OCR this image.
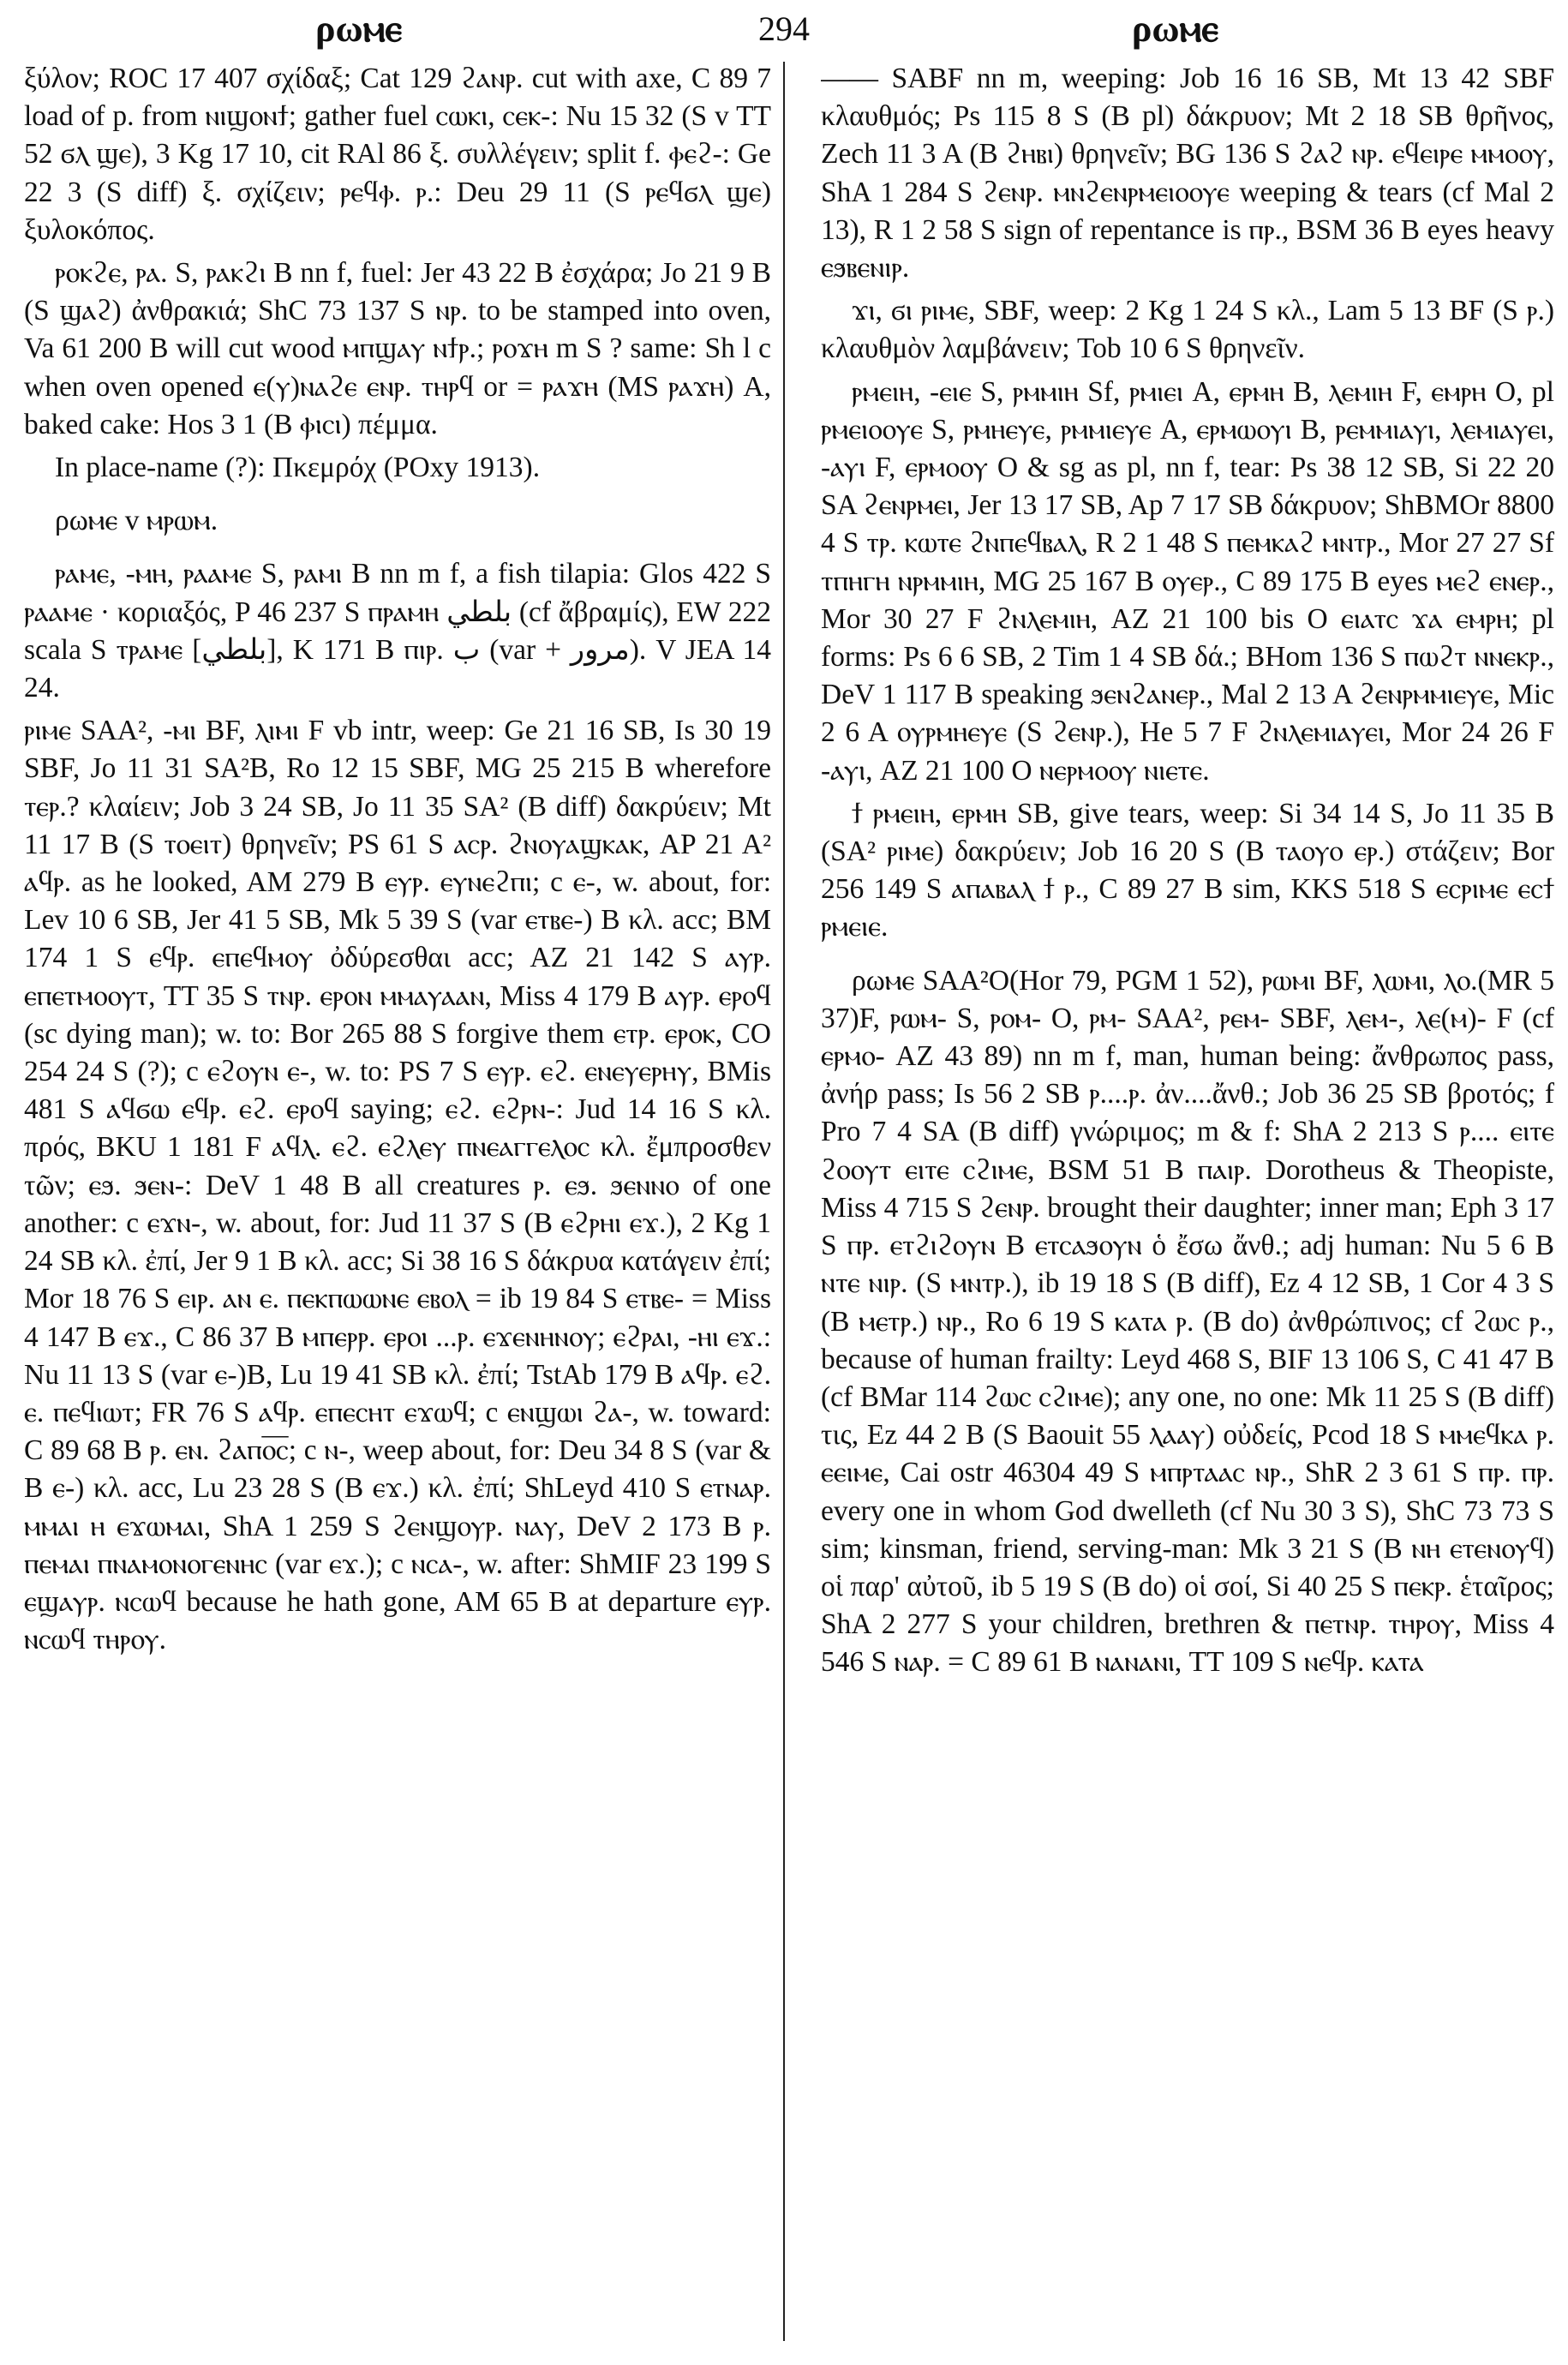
ρωⲙⲉ	294	ρωⲙⲉ

ξύλον; ROC 17 407 σχίδαξ; Cat 129 ϩⲁⲛⲣ. cut with axe, C 89 7 load of p. from ⲛⲓϣⲟⲛϯ; gather fuel ⲥⲱⲕⲓ, ⲥⲉⲕ-: Nu 15 32 (S v TT 52 ϭⲗ ϣⲉ), 3 Kg 17 10, cit RAl 86 ξ. συλλέγειν; split f. ⲫⲉϩ-: Ge 22 3 (S diff) ξ. σχίζειν; ⲣⲉϥⲫ. ⲣ.: Deu 29 11 (S ⲣⲉϥϭⲗ ϣⲉ) ξυλοκόπος.

ⲣⲟⲕϩⲉ, ⲣⲁ. S, ⲣⲁⲕϩⲓ B nn f, fuel: Jer 43 22 B ἐσχάρα; Jo 21 9 B (S ϣⲁϩ) ἀνθρακιά; ShC 73 137 S ⲛⲣ. to be stamped into oven, Va 61 200 B will cut wood ⲙⲡϣⲁⲩ ⲛϯⲣ.; ⲣⲟϫⲏ m S ? same: Sh l c when oven opened ⲉ(ⲩ)ⲛⲁϩⲉ ⲉⲛⲣ. ⲧⲏⲣϥ or = ⲣⲁϫⲏ (MS ⲣⲁϫⲏ) A, baked cake: Hos 3 1 (B ⲫⲓⲥⲓ) πέμμα.

In place-name (?): Πκεμρόχ (POxy 1913).

ρωⲙⲉ v ⲙⲣⲱⲙ.

ⲣⲁⲙⲉ, -ⲙⲏ, ⲣⲁⲁⲙⲉ S, ⲣⲁⲙⲓ B nn m f, a fish tilapia: Glos 422 S ⲣⲁⲁⲙⲉ · κοριαξός, P 46 237 S ⲡⲣⲁⲙⲏ بلطي (cf ἄβραμίς), EW 222 scala S ⲧⲣⲁⲙⲉ [بلطي], K 171 B ⲡⲓⲣ. ﺏ (var + ﻣﺮﻭﺭ). V JEA 14 24.

ⲣⲓⲙⲉ SAA², -ⲙⲓ BF, ⲗⲓⲙⲓ F vb intr, weep: Ge 21 16 SB, Is 30 19 SBF, Jo 11 31 SA²B, Ro 12 15 SBF, MG 25 215 B wherefore ⲧⲉⲣ.? κλαίειν; Job 3 24 SB, Jo 11 35 SA² (B diff) δακρύειν; Mt 11 17 B (S ⲧⲟⲉⲓⲧ) θρηνεῖν; PS 61 S ⲁⲥⲣ. ϩⲛⲟⲩⲁϣⲕⲁⲕ, AP 21 A² ⲁϥⲣ. as he looked, AM 279 B ⲉⲩⲣ. ⲉⲩⲛⲉϩⲡⲓ; c ⲉ-, w. about, for: Lev 10 6 SB, Jer 41 5 SB, Mk 5 39 S (var ⲉⲧⲃⲉ-) B κλ. acc; BM 174 1 S ⲉϥⲣ. ⲉⲡⲉϥⲙⲟⲩ ὀδύρεσθαι acc; AZ 21 142 S ⲁⲩⲣ. ⲉⲡⲉⲧⲙⲟⲟⲩⲧ, TT 35 S ⲧⲛⲣ. ⲉⲣⲟⲛ ⲙⲙⲁⲩⲁⲁⲛ, Miss 4 179 B ⲁⲩⲣ. ⲉⲣⲟϥ (sc dying man); w. to: Bor 265 88 S forgive them ⲉⲧⲣ. ⲉⲣⲟⲕ, CO 254 24 S (?); c ⲉϩⲟⲩⲛ ⲉ-, w. to: PS 7 S ⲉⲩⲣ. ⲉϩ. ⲉⲛⲉⲩⲉⲣⲏⲩ, BMis 481 S ⲁϥϭⲱ ⲉϥⲣ. ⲉϩ. ⲉⲣⲟϥ saying; ⲉϩ. ⲉϩⲣⲛ-: Jud 14 16 S κλ. πρός, BKU 1 181 F ⲁϥⲗ. ⲉϩ. ⲉϩⲗⲉⲩ ⲡⲛⲉⲁⲅⲅⲉⲗⲟⲥ κλ. ἔμπροσθεν τῶν; ⲉϧ. ϧⲉⲛ-: DeV 1 48 B all creatures ⲣ. ⲉϧ. ϧⲉⲛⲛⲟ of one another: c ⲉϫⲛ-, w. about, for: Jud 11 37 S (B ⲉϩⲣⲏⲓ ⲉϫ.), 2 Kg 1 24 SB κλ. ἐπί, Jer 9 1 B κλ. acc; Si 38 16 S δάκρυα κατάγειν ἐπί; Mor 18 76 S ⲉⲓⲣ. ⲁⲛ ⲉ. ⲡⲉⲕⲡⲱⲱⲛⲉ ⲉⲃⲟⲗ = ib 19 84 S ⲉⲧⲃⲉ- = Miss 4 147 B ⲉϫ., C 86 37 B ⲙⲡⲉⲣⲣ. ⲉⲣⲟⲓ ...ⲣ. ⲉϫⲉⲛⲏⲛⲟⲩ; ⲉϩⲣⲁⲓ, -ⲏⲓ ⲉϫ.: Nu 11 13 S (var ⲉ-)B, Lu 19 41 SB κλ. ἐπί; TstAb 179 B ⲁϥⲣ. ⲉϩ. ⲉ. ⲡⲉϥⲓⲱⲧ; FR 76 S ⲁϥⲣ. ⲉⲡⲉⲥⲏⲧ ⲉϫⲱϥ; c ⲉⲛϣⲱⲓ ϩⲁ-, w. toward: C 89 68 B ⲣ. ⲉⲛ. ϩⲁⲡⲟ̅ⲥ̅; c ⲛ-, weep about, for: Deu 34 8 S (var & B ⲉ-) κλ. acc, Lu 23 28 S (B ⲉϫ.) κλ. ἐπί; ShLeyd 410 S ⲉⲧⲛⲁⲣ. ⲙⲙⲁⲓ ⲏ ⲉϫⲱⲙⲁⲓ, ShA 1 259 S ϩⲉⲛϣⲟⲩⲣ. ⲛⲁⲩ, DeV 2 173 B ⲣ. ⲡⲉⲙⲁⲓ ⲡⲛⲁⲙⲟⲛⲟⲅⲉⲛⲏⲥ (var ⲉϫ.); c ⲛⲥⲁ-, w. after: ShMIF 23 199 S ⲉϣⲁⲩⲣ. ⲛⲥⲱϥ because he hath gone, AM 65 B at departure ⲉⲩⲣ. ⲛⲥⲱϥ ⲧⲏⲣⲟⲩ.

—— SABF nn m, weeping: Job 16 16 SB, Mt 13 42 SBF κλαυθμός; Ps 115 8 S (B pl) δάκρυον; Mt 2 18 SB θρῆνος, Zech 11 3 A (B ϩⲏⲃⲓ) θρηνεῖν; BG 136 S ϩⲁϩ ⲛⲣ. ⲉϥⲉⲓⲣⲉ ⲙⲙⲟⲟⲩ, ShA 1 284 S ϩⲉⲛⲣ. ⲙⲛϩⲉⲛⲣⲙⲉⲓⲟⲟⲩⲉ weeping & tears (cf Mal 2 13), R 1 2 58 S sign of repentance is ⲡⲣ., BSM 36 B eyes heavy ⲉϧⲃⲉⲛⲓⲣ.

ϫⲓ, ϭⲓ ⲣⲓⲙⲉ, SBF, weep: 2 Kg 1 24 S κλ., Lam 5 13 BF (S ⲣ.) κλαυθμὸν λαμβάνειν; Tob 10 6 S θρηνεῖν.

ⲣⲙⲉⲓⲏ, -ⲉⲓⲉ S, ⲣⲙⲙⲓⲏ Sf, ⲣⲙⲓⲉⲓ A, ⲉⲣⲙⲏ B, ⲗⲉⲙⲓⲏ F, ⲉⲙⲣⲏ O, pl ⲣⲙⲉⲓⲟⲟⲩⲉ S, ⲣⲙⲏⲉⲩⲉ, ⲣⲙⲙⲓⲉⲩⲉ A, ⲉⲣⲙⲱⲟⲩⲓ B, ⲣⲉⲙⲙⲓⲁⲩⲓ, ⲗⲉⲙⲓⲁⲩⲉⲓ, -ⲁⲩⲓ F, ⲉⲣⲙⲟⲟⲩ O & sg as pl, nn f, tear: Ps 38 12 SB, Si 22 20 SA ϩⲉⲛⲣⲙⲉⲓ, Jer 13 17 SB, Ap 7 17 SB δάκρυον; ShBMOr 8800 4 S ⲧⲣ. ⲕⲱⲧⲉ ϩⲛⲡⲉϥⲃⲁⲗ, R 2 1 48 S ⲡⲉⲙⲕⲁϩ ⲙⲛⲧⲣ., Mor 27 27 Sf ⲧⲡⲏⲅⲏ ⲛⲣⲙⲙⲓⲏ, MG 25 167 B ⲟⲩⲉⲣ., C 89 175 B eyes ⲙⲉϩ ⲉⲛⲉⲣ., Mor 30 27 F ϩⲛⲗⲉⲙⲓⲏ, AZ 21 100 bis O ⲉⲓⲁⲧⲥ ϫⲁ ⲉⲙⲣⲏ; pl forms: Ps 6 6 SB, 2 Tim 1 4 SB δά.; BHom 136 S ⲡⲱϩⲧ ⲛⲛⲉⲕⲣ., DeV 1 117 B speaking ϧⲉⲛϩⲁⲛⲉⲣ., Mal 2 13 A ϩⲉⲛⲣⲙⲙⲓⲉⲩⲉ, Mic 2 6 A ⲟⲩⲣⲙⲏⲉⲩⲉ (S ϩⲉⲛⲣ.), He 5 7 F ϩⲛⲗⲉⲙⲓⲁⲩⲉⲓ, Mor 24 26 F -ⲁⲩⲓ, AZ 21 100 O ⲛⲉⲣⲙⲟⲟⲩ ⲛⲓⲉⲧⲉ.

ϯ ⲣⲙⲉⲓⲏ, ⲉⲣⲙⲏ SB, give tears, weep: Si 34 14 S, Jo 11 35 B (SA² ⲣⲓⲙⲉ) δακρύειν; Job 16 20 S (B ⲧⲁⲟⲩⲟ ⲉⲣ.) στάζειν; Bor 256 149 S ⲁⲡⲁⲃⲁⲗ ϯ ⲣ., C 89 27 B sim, KKS 518 S ⲉⲥⲣⲓⲙⲉ ⲉⲥϯ ⲣⲙⲉⲓⲉ.

ρωⲙⲉ SAA²O(Hor 79, PGM 1 52), ⲣⲱⲙⲓ BF, ⲗⲱⲙⲓ, ⲗⲟ.(MR 5 37)F, ⲣⲱⲙ- S, ⲣⲟⲙ- O, ⲣⲙ- SAA², ⲣⲉⲙ- SBF, ⲗⲉⲙ-, ⲗⲉ(ⲙ)- F (cf ⲉⲣⲙⲟ- AZ 43 89) nn m f, man, human being: ἄνθρωπος pass, ἀνήρ pass; Is 56 2 SB ⲣ....ⲣ. ἀν....ἄνθ.; Job 36 25 SB βροτός; f Pro 7 4 SA (B diff) γνώριμος; m & f: ShA 2 213 S ⲣ.... ⲉⲓⲧⲉ ϩⲟⲟⲩⲧ ⲉⲓⲧⲉ ⲥϩⲓⲙⲉ, BSM 51 B ⲡⲁⲓⲣ. Dorotheus & Theopiste, Miss 4 715 S ϩⲉⲛⲣ. brought their daughter; inner man; Eph 3 17 S ⲡⲣ. ⲉⲧϩⲓϩⲟⲩⲛ B ⲉⲧⲥⲁϧⲟⲩⲛ ὁ ἔσω ἄνθ.; adj human: Nu 5 6 B ⲛⲧⲉ ⲛⲓⲣ. (S ⲙⲛⲧⲣ.), ib 19 18 S (B diff), Ez 4 12 SB, 1 Cor 4 3 S (B ⲙⲉⲧⲣ.) ⲛⲣ., Ro 6 19 S ⲕⲁⲧⲁ ⲣ. (B do) ἀνθρώπινος; cf ϩⲱⲥ ⲣ., because of human frailty: Leyd 468 S, BIF 13 106 S, C 41 47 B (cf BMar 114 ϩⲱⲥ ⲥϩⲓⲙⲉ); any one, no one: Mk 11 25 S (B diff) τις, Ez 44 2 B (S Baouit 55 ⲗⲁⲁⲩ) οὐδείς, Pcod 18 S ⲙⲙⲉϥⲕⲁ ⲣ. ⲉⲉⲓⲙⲉ, Cai ostr 46304 49 S ⲙⲡⲣⲧⲁⲁⲥ ⲛⲣ., ShR 2 3 61 S ⲡⲣ. ⲡⲣ. every one in whom God dwelleth (cf Nu 30 3 S), ShC 73 73 S sim; kinsman, friend, serving-man: Mk 3 21 S (B ⲛⲏ ⲉⲧⲉⲛⲟⲩϥ) οἱ παρ' αὐτοῦ, ib 5 19 S (B do) οἱ σοί, Si 40 25 S ⲡⲉⲕⲣ. ἑταῖρος; ShA 2 277 S your children, brethren & ⲡⲉⲧⲛⲣ. ⲧⲏⲣⲟⲩ, Miss 4 546 S ⲛⲁⲣ. = C 89 61 B ⲛⲁⲛⲁⲛⲓ, TT 109 S ⲛⲉϥⲣ. ⲕⲁⲧⲁ
